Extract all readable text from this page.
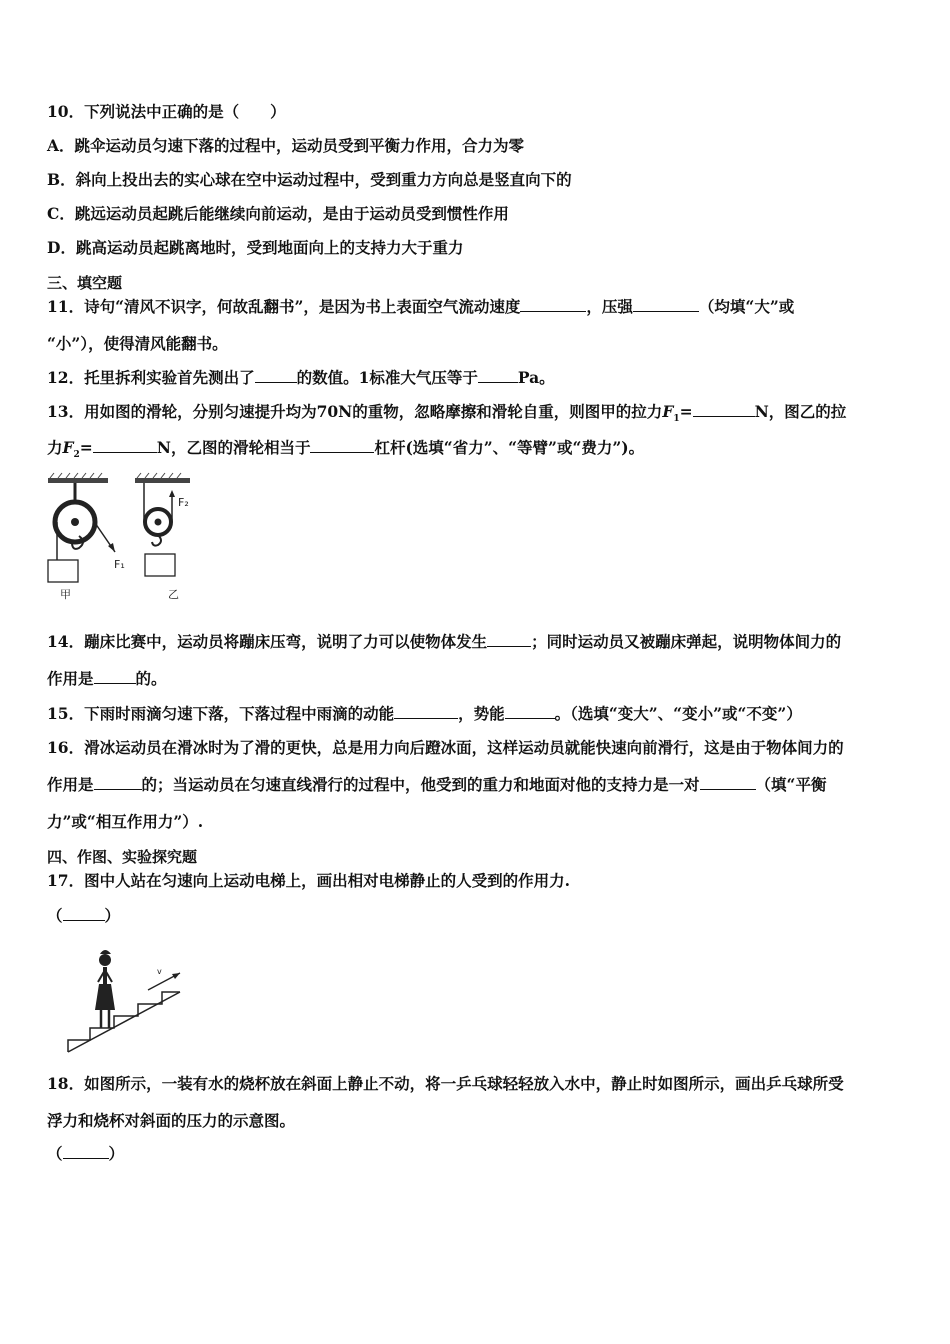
10．下列说法中正确的是（　　）
A．跳伞运动员匀速下落的过程中，运动员受到平衡力作用，合力为零
B．斜向上投出去的实心球在空中运动过程中，受到重力方向总是竖直向下的
C．跳远运动员起跳后能继续向前运动，是由于运动员受到惯性作用
D．跳高运动员起跳离地时，受到地面向上的支持力大于重力
三、填空题
11．诗句“清风不识字，何故乱翻书”，是因为书上表面空气流动速度	，压强	（均填“大”或
“小”），使得清风能翻书。
12．托里拆利实验首先测出了	的数值。1标准大气压等于	Pa。
13．用如图的滑轮，分别匀速提升均为70N的重物，忽略摩擦和滑轮自重，则图甲的拉力$F_1=$	N，图乙的拉
力$F_2=$	N，乙图的滑轮相当于	杠杆(选填“省力”、“等臂”或“费力”)。
F₁
甲
F₂
乙
14．蹦床比赛中，运动员将蹦床压弯，说明了力可以使物体发生	；同时运动员又被蹦床弹起，说明物体间力的
作用是	的。
15．下雨时雨滴匀速下落，下落过程中雨滴的动能	，势能	。（选填“变大”、“变小”或“不变”）
16．滑冰运动员在滑冰时为了滑的更快，总是用力向后蹬冰面，这样运动员就能快速向前滑行，这是由于物体间力的
作用是	的；当运动员在匀速直线滑行的过程中，他受到的重力和地面对他的支持力是一对	（填“平衡
力”或“相互作用力”）.
四、作图、实验探究题
17．图中人站在匀速向上运动电梯上，画出相对电梯静止的人受到的作用力.
（	）
v
18．如图所示，一装有水的烧杯放在斜面上静止不动，将一乒乓球轻轻放入水中，静止时如图所示，画出乒乓球所受
浮力和烧杯对斜面的压力的示意图。
（	）
